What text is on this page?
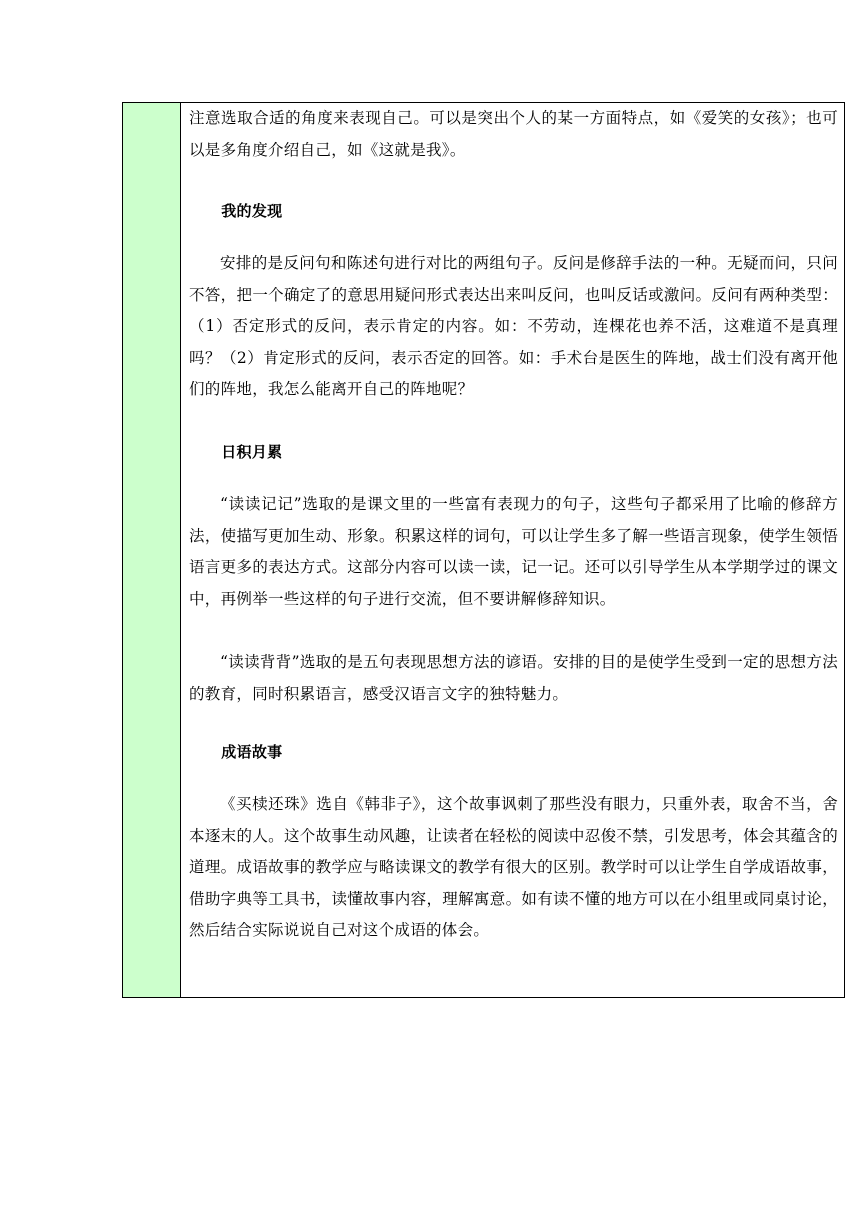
注意选取合适的角度来表现自己。可以是突出个人的某一方面特点，如《爱笑的女孩》；也可以是多角度介绍自己，如《这就是我》。

我的发现

安排的是反问句和陈述句进行对比的两组句子。反问是修辞手法的一种。无疑而问，只问不答，把一个确定了的意思用疑问形式表达出来叫反问，也叫反话或激问。反问有两种类型：（1）否定形式的反问，表示肯定的内容。如：不劳动，连棵花也养不活，这难道不是真理吗？（2）肯定形式的反问，表示否定的回答。如：手术台是医生的阵地，战士们没有离开他们的阵地，我怎么能离开自己的阵地呢？

日积月累

“读读记记”选取的是课文里的一些富有表现力的句子，这些句子都采用了比喻的修辞方法，使描写更加生动、形象。积累这样的词句，可以让学生多了解一些语言现象，使学生领悟语言更多的表达方式。这部分内容可以读一读，记一记。还可以引导学生从本学期学过的课文中，再例举一些这样的句子进行交流，但不要讲解修辞知识。

“读读背背”选取的是五句表现思想方法的谚语。安排的目的是使学生受到一定的思想方法的教育，同时积累语言，感受汉语言文字的独特魅力。

成语故事

《买椟还珠》选自《韩非子》，这个故事讽刺了那些没有眼力，只重外表，取舍不当，舍本逐末的人。这个故事生动风趣，让读者在轻松的阅读中忍俊不禁，引发思考，体会其蕴含的道理。成语故事的教学应与略读课文的教学有很大的区别。教学时可以让学生自学成语故事，借助字典等工具书，读懂故事内容，理解寓意。如有读不懂的地方可以在小组里或同桌讨论，然后结合实际说说自己对这个成语的体会。
